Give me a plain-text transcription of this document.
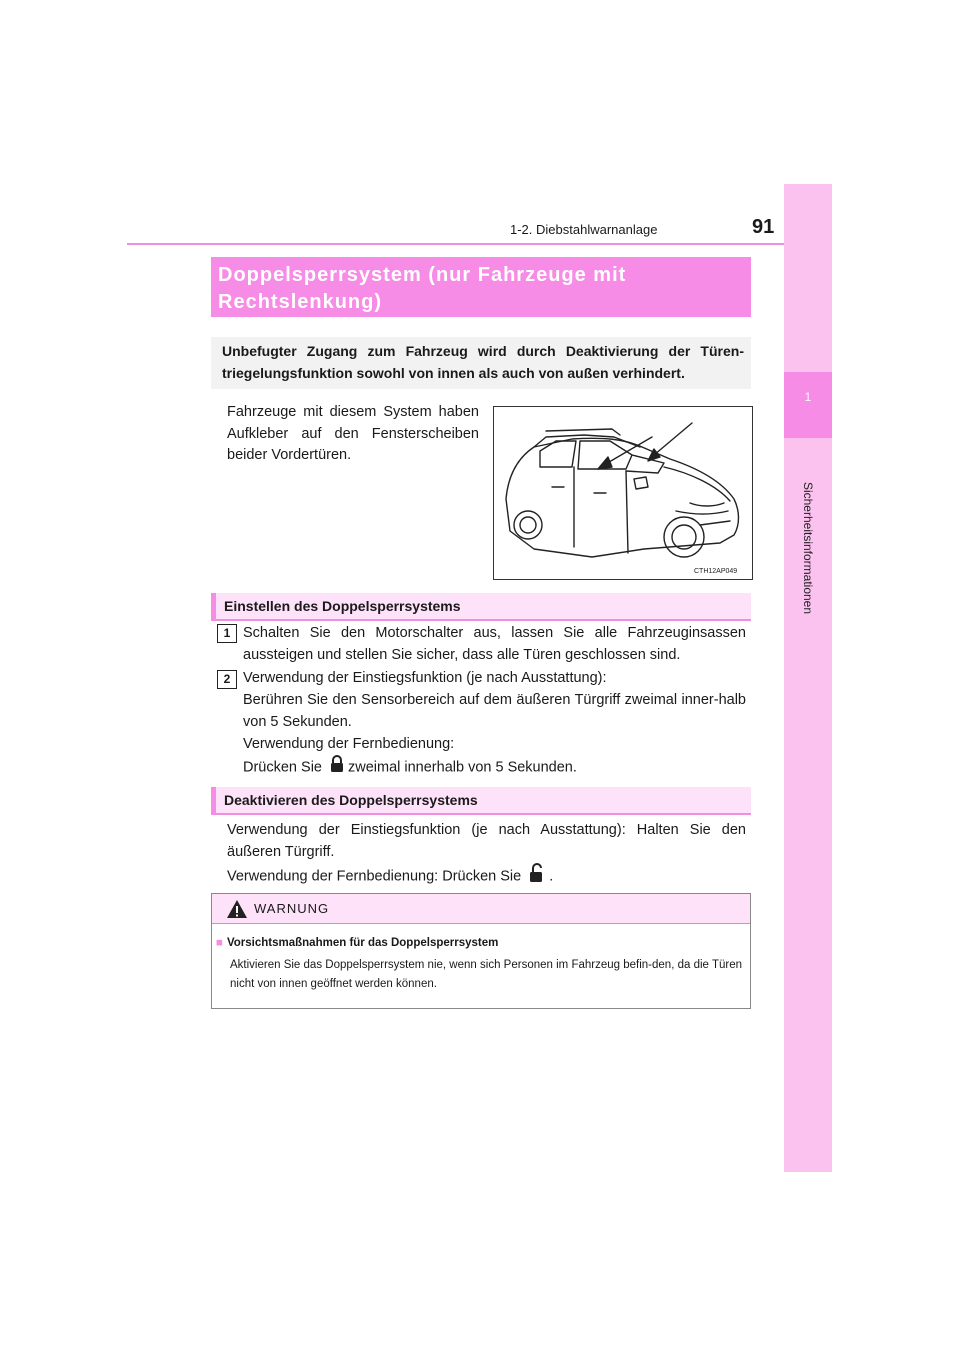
1-2. Diebstahlwarnanlage	91
1
Sicherheitsinformationen
Doppelsperrsystem (nur Fahrzeuge mit Rechtslenkung)
Unbefugter Zugang zum Fahrzeug wird durch Deaktivierung der Türen-triegelungsfunktion sowohl von innen als auch von außen verhindert.
Fahrzeuge mit diesem System haben Aufkleber auf den Fensterscheiben beider Vordertüren.
CTH12AP049
Einstellen des Doppelsperrsystems
1 Schalten Sie den Motorschalter aus, lassen Sie alle Fahrzeuginsassen aussteigen und stellen Sie sicher, dass alle Türen geschlossen sind.
2 Verwendung der Einstiegsfunktion (je nach Ausstattung):
Berühren Sie den Sensorbereich auf dem äußeren Türgriff zweimal inner-halb von 5 Sekunden.
Verwendung der Fernbedienung:
Drücken Sie zweimal innerhalb von 5 Sekunden.
Deaktivieren des Doppelsperrsystems
Verwendung der Einstiegsfunktion (je nach Ausstattung): Halten Sie den äußeren Türgriff.
Verwendung der Fernbedienung: Drücken Sie .
WARNUNG
■ Vorsichtsmaßnahmen für das Doppelsperrsystem
Aktivieren Sie das Doppelsperrsystem nie, wenn sich Personen im Fahrzeug befin-den, da die Türen nicht von innen geöffnet werden können.
